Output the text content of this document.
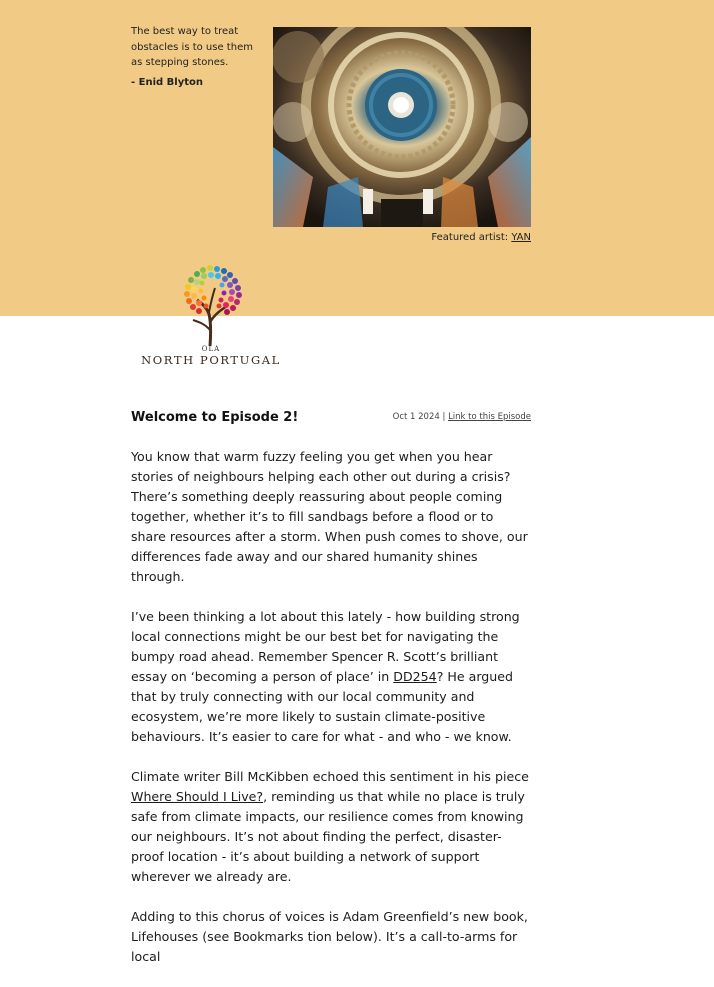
The best way to treat obstacles is to use them as stepping stones.
- Enid Blyton
Featured artist: YAN
OLA
NORTH PORTUGAL
Welcome to Episode 2!	Oct 1 2024 | Link to this Episode

You know that warm fuzzy feeling you get when you hear stories of neighbours helping each other out during a crisis? There’s something deeply reassuring about people coming together, whether it’s to fill sandbags before a flood or to share resources after a storm. When push comes to shove, our differences fade away and our shared humanity shines through.

I’ve been thinking a lot about this lately - how building strong local connections might be our best bet for navigating the bumpy road ahead. Remember Spencer R. Scott’s brilliant essay on ‘becoming a person of place’ in DD254? He argued that by truly connecting with our local community and ecosystem, we’re more likely to sustain climate-positive behaviours. It’s easier to care for what - and who - we know.

Climate writer Bill McKibben echoed this sentiment in his piece Where Should I Live?, reminding us that while no place is truly safe from climate impacts, our resilience comes from knowing our neighbours. It’s not about finding the perfect, disaster-proof location - it’s about building a network of support wherever we already are.

Adding to this chorus of voices is Adam Greenfield’s new book, Lifehouses (see Bookmarks tion below). It’s a call-to-arms for local
